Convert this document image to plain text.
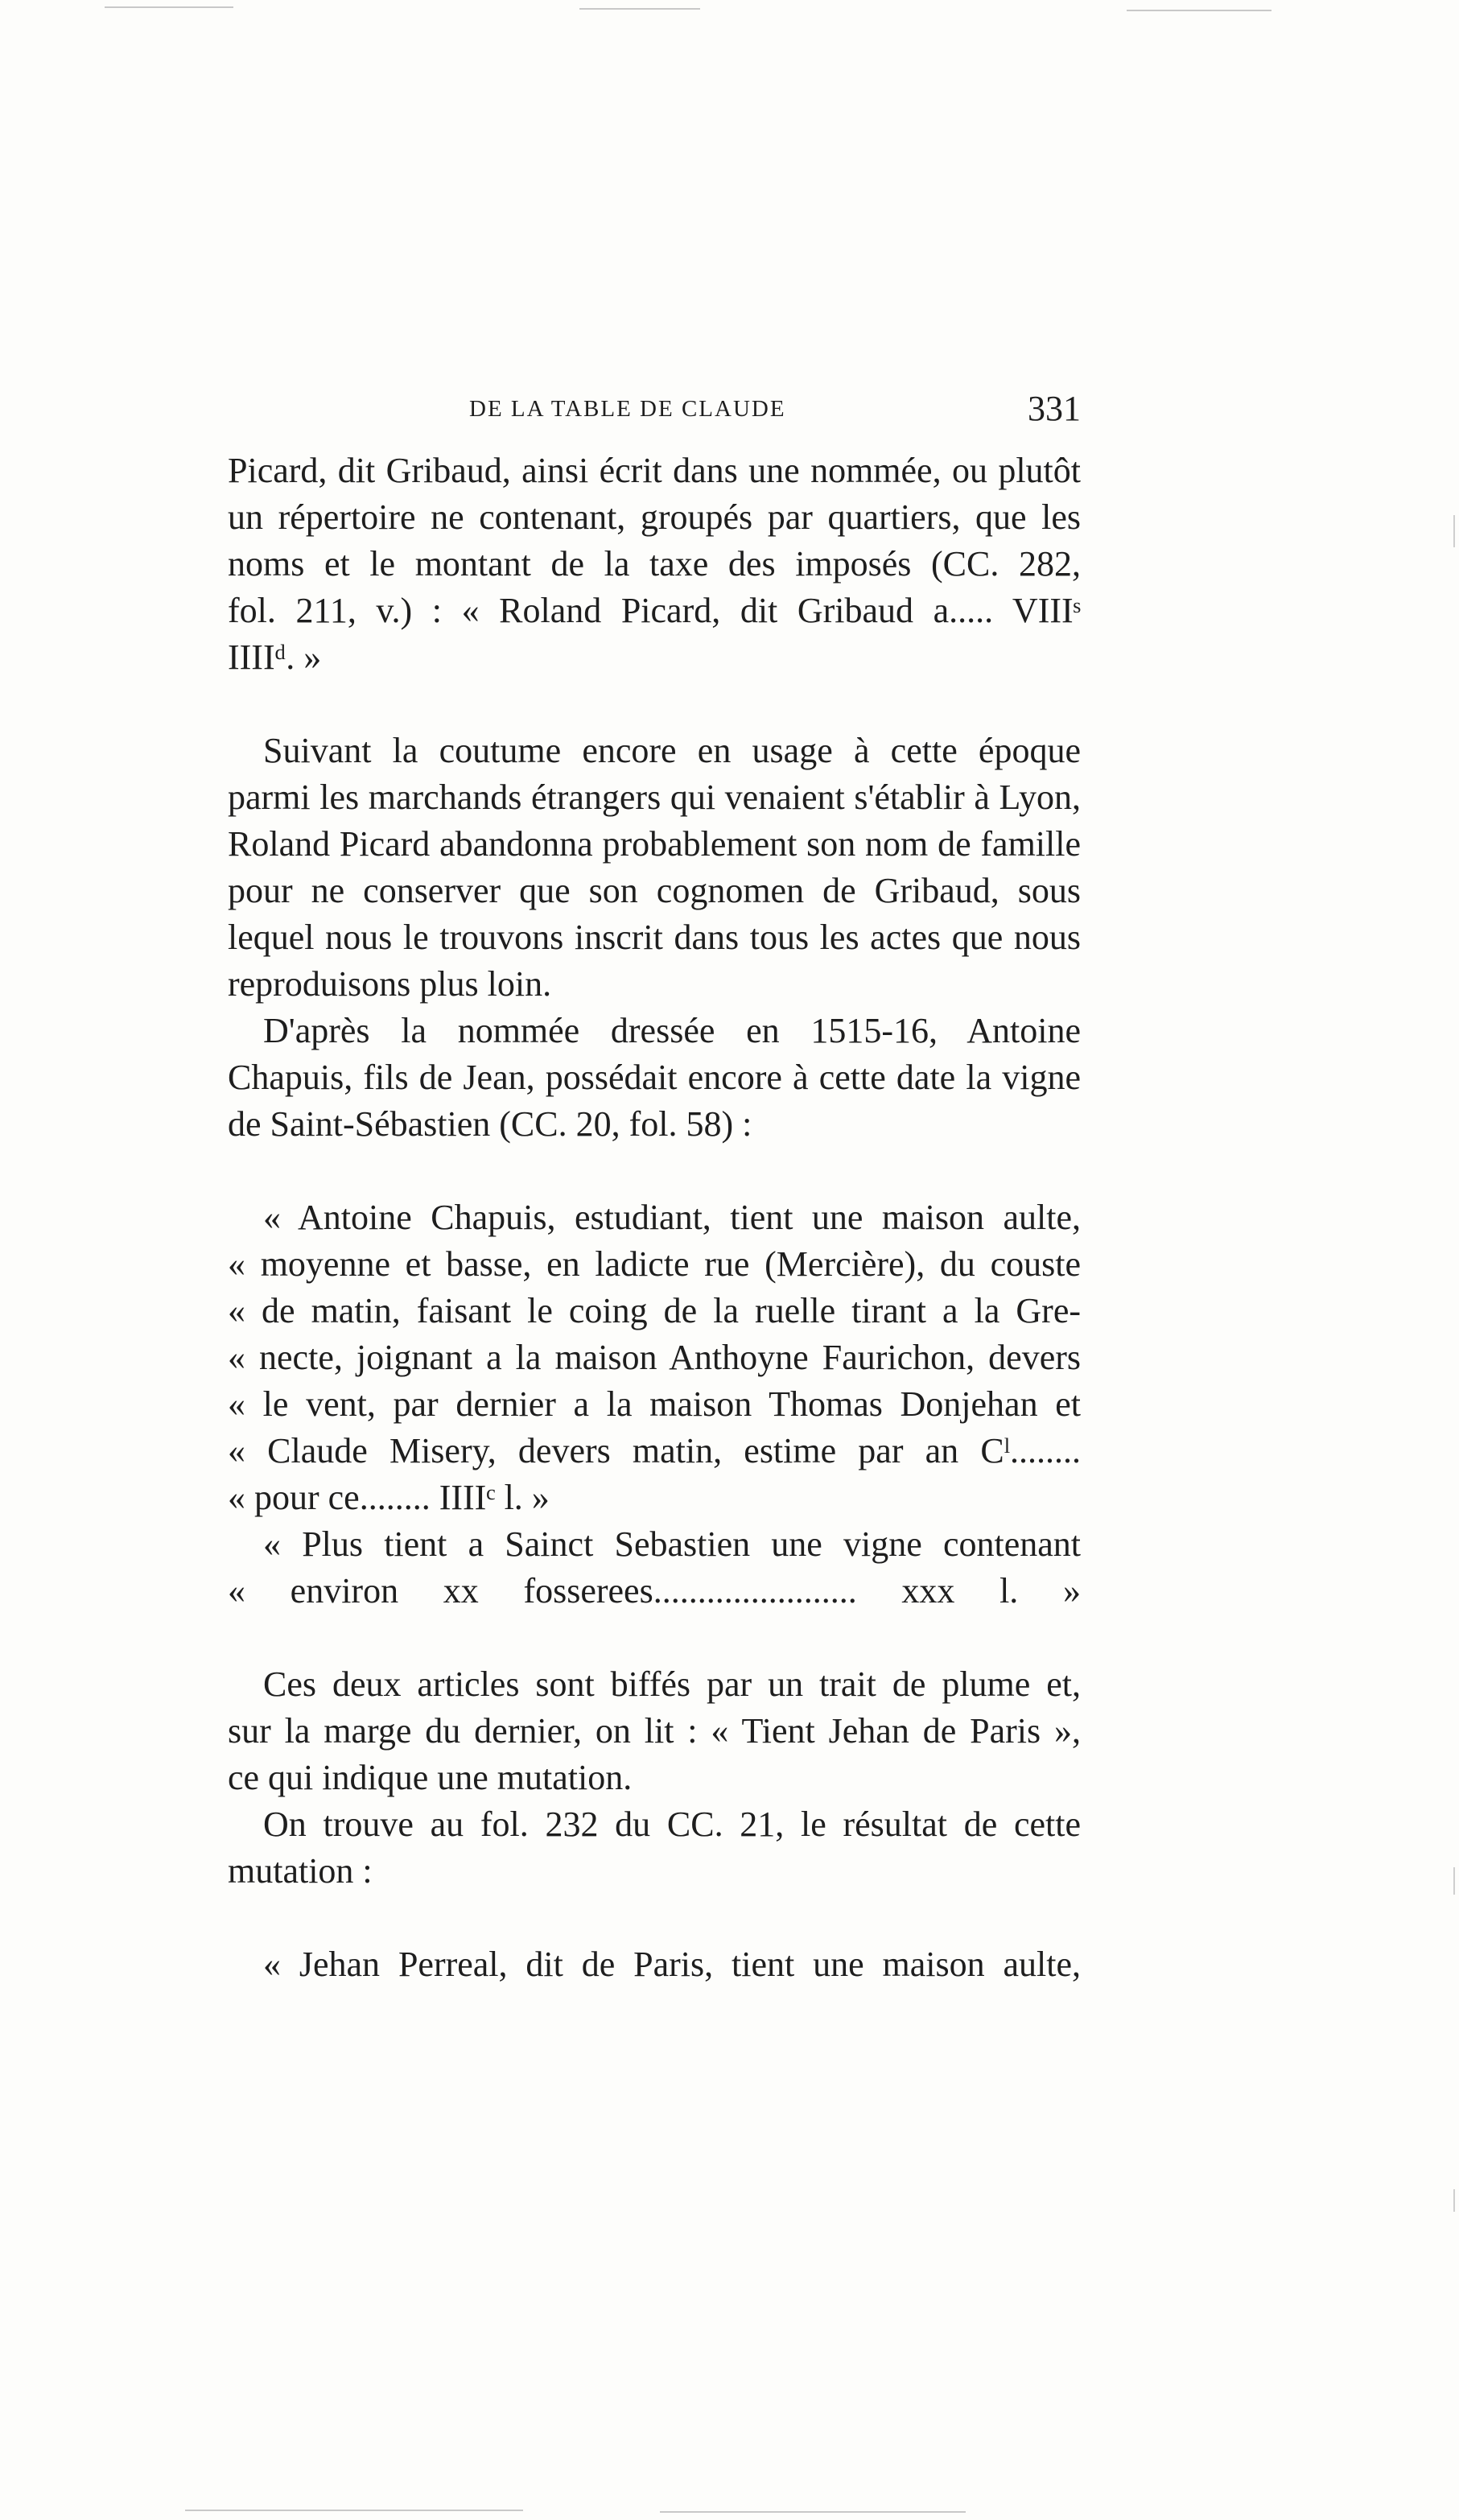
DE LA TABLE DE CLAUDE	331
Picard, dit Gribaud, ainsi écrit dans une nommée, ou plutôt
un répertoire ne contenant, groupés par quartiers, que les
noms et le montant de la taxe des imposés (CC. 282,
fol. 211, v.) : « Roland Picard, dit Gribaud a..... VIIIˢ
IIIIᵈ. »
Suivant la coutume encore en usage à cette époque
parmi les marchands étrangers qui venaient s'établir à Lyon,
Roland Picard abandonna probablement son nom de famille
pour ne conserver que son cognomen de Gribaud, sous
lequel nous le trouvons inscrit dans tous les actes que nous
reproduisons plus loin.
D'après la nommée dressée en 1515-16, Antoine
Chapuis, fils de Jean, possédait encore à cette date la vigne
de Saint-Sébastien (CC. 20, fol. 58) :
« Antoine Chapuis, estudiant, tient une maison aulte,
« moyenne et basse, en ladicte rue (Mercière), du couste
« de matin, faisant le coing de la ruelle tirant a la Gre-
« necte, joignant a la maison Anthoyne Faurichon, devers
« le vent, par dernier a la maison Thomas Donjehan et
« Claude Misery, devers matin, estime par an Cˡ........
« pour ce........ IIIIᶜ l. »
« Plus tient a Sainct Sebastien une vigne contenant
« environ xx fosserees....................... xxx l. »
Ces deux articles sont biffés par un trait de plume et,
sur la marge du dernier, on lit : « Tient Jehan de Paris »,
ce qui indique une mutation.
On trouve au fol. 232 du CC. 21, le résultat de cette
mutation :
« Jehan Perreal, dit de Paris, tient une maison aulte,
